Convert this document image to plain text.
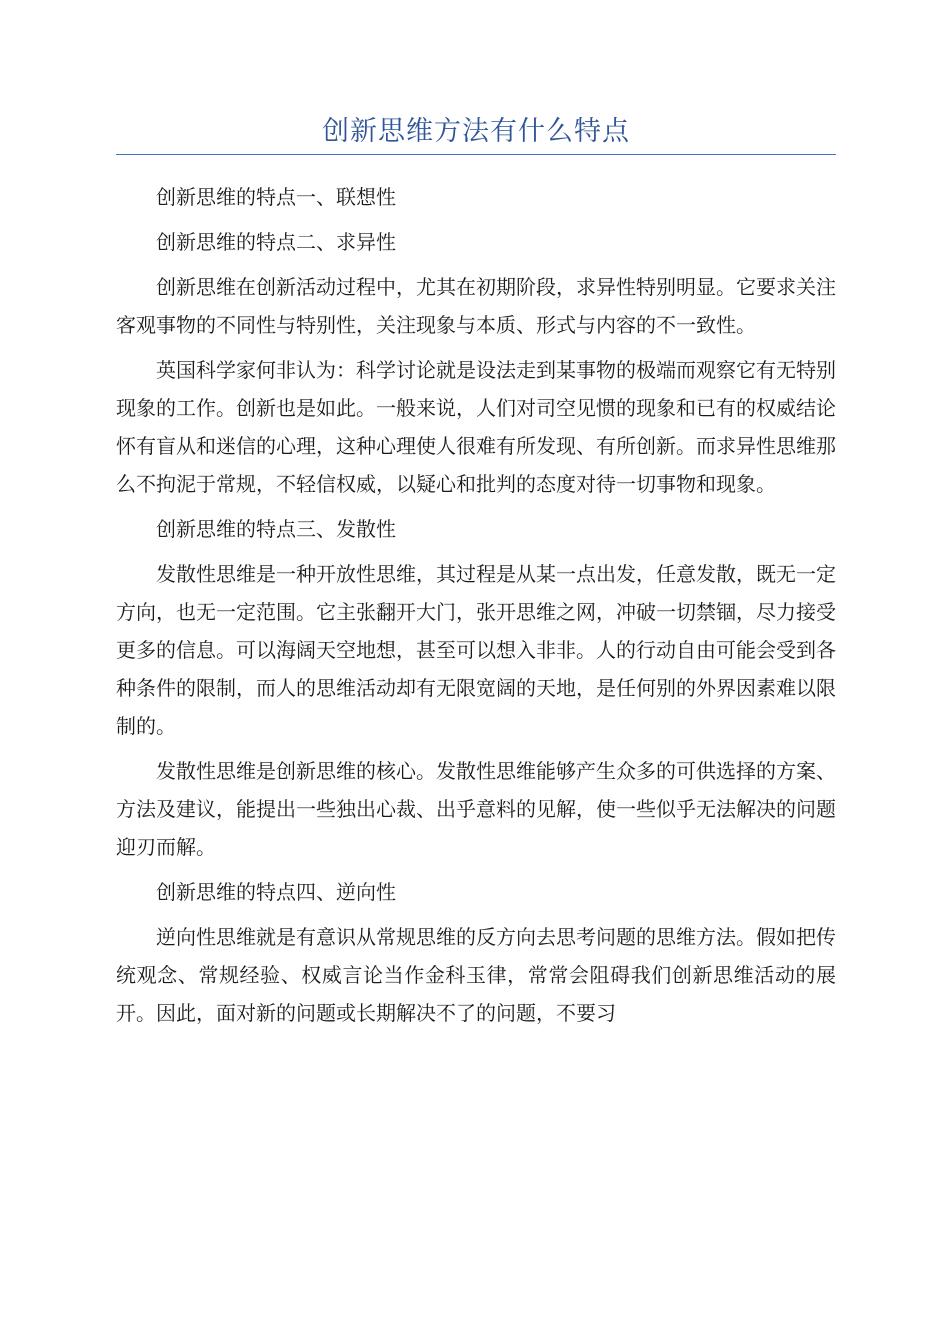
创新思维方法有什么特点

创新思维的特点一、联想性

创新思维的特点二、求异性

创新思维在创新活动过程中，尤其在初期阶段，求异性特别明显。它要求关注客观事物的不同性与特别性，关注现象与本质、形式与内容的不一致性。

英国科学家何非认为：科学讨论就是设法走到某事物的极端而观察它有无特别现象的工作。创新也是如此。一般来说，人们对司空见惯的现象和已有的权威结论怀有盲从和迷信的心理，这种心理使人很难有所发现、有所创新。而求异性思维那么不拘泥于常规，不轻信权威，以疑心和批判的态度对待一切事物和现象。

创新思维的特点三、发散性

发散性思维是一种开放性思维，其过程是从某一点出发，任意发散，既无一定方向，也无一定范围。它主张翻开大门，张开思维之网，冲破一切禁锢，尽力接受更多的信息。可以海阔天空地想，甚至可以想入非非。人的行动自由可能会受到各种条件的限制，而人的思维活动却有无限宽阔的天地，是任何别的外界因素难以限制的。

发散性思维是创新思维的核心。发散性思维能够产生众多的可供选择的方案、方法及建议，能提出一些独出心裁、出乎意料的见解，使一些似乎无法解决的问题迎刃而解。

创新思维的特点四、逆向性

逆向性思维就是有意识从常规思维的反方向去思考问题的思维方法。假如把传统观念、常规经验、权威言论当作金科玉律，常常会阻碍我们创新思维活动的展开。因此，面对新的问题或长期解决不了的问题，不要习
